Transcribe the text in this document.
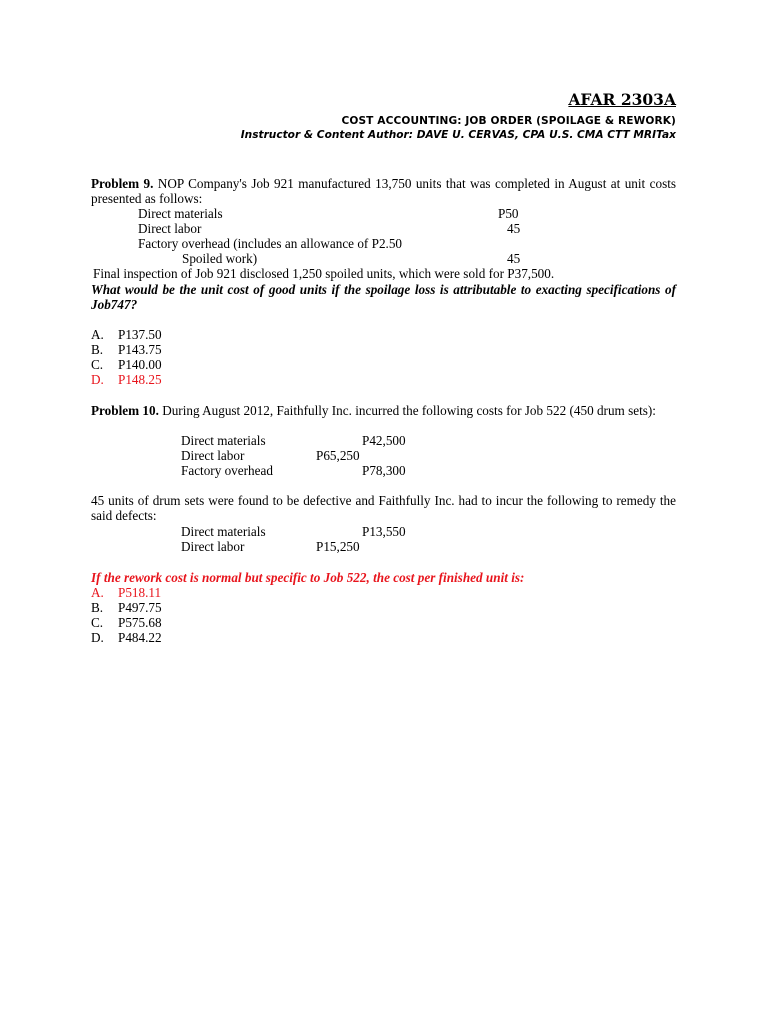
AFAR 2303A
COST ACCOUNTING: JOB ORDER (SPOILAGE & REWORK)
Instructor & Content Author: DAVE U. CERVAS, CPA U.S. CMA CTT MRITax
Problem 9. NOP Company's Job 921 manufactured 13,750 units that was completed in August at unit costs presented as follows:
Direct materials	P50
Direct labor	45
Factory overhead (includes an allowance of P2.50
Spoiled work)	45
Final inspection of Job 921 disclosed 1,250 spoiled units, which were sold for P37,500.
What would be the unit cost of good units if the spoilage loss is attributable to exacting specifications of Job747?
A. P137.50
B. P143.75
C. P140.00
D. P148.25
Problem 10. During August 2012, Faithfully Inc. incurred the following costs for Job 522 (450 drum sets):
Direct materials	P42,500
Direct labor	P65,250
Factory overhead	P78,300
45 units of drum sets were found to be defective and Faithfully Inc. had to incur the following to remedy the said defects:
Direct materials	P13,550
Direct labor	P15,250
If the rework cost is normal but specific to Job 522, the cost per finished unit is:
A. P518.11
B. P497.75
C. P575.68
D. P484.22
